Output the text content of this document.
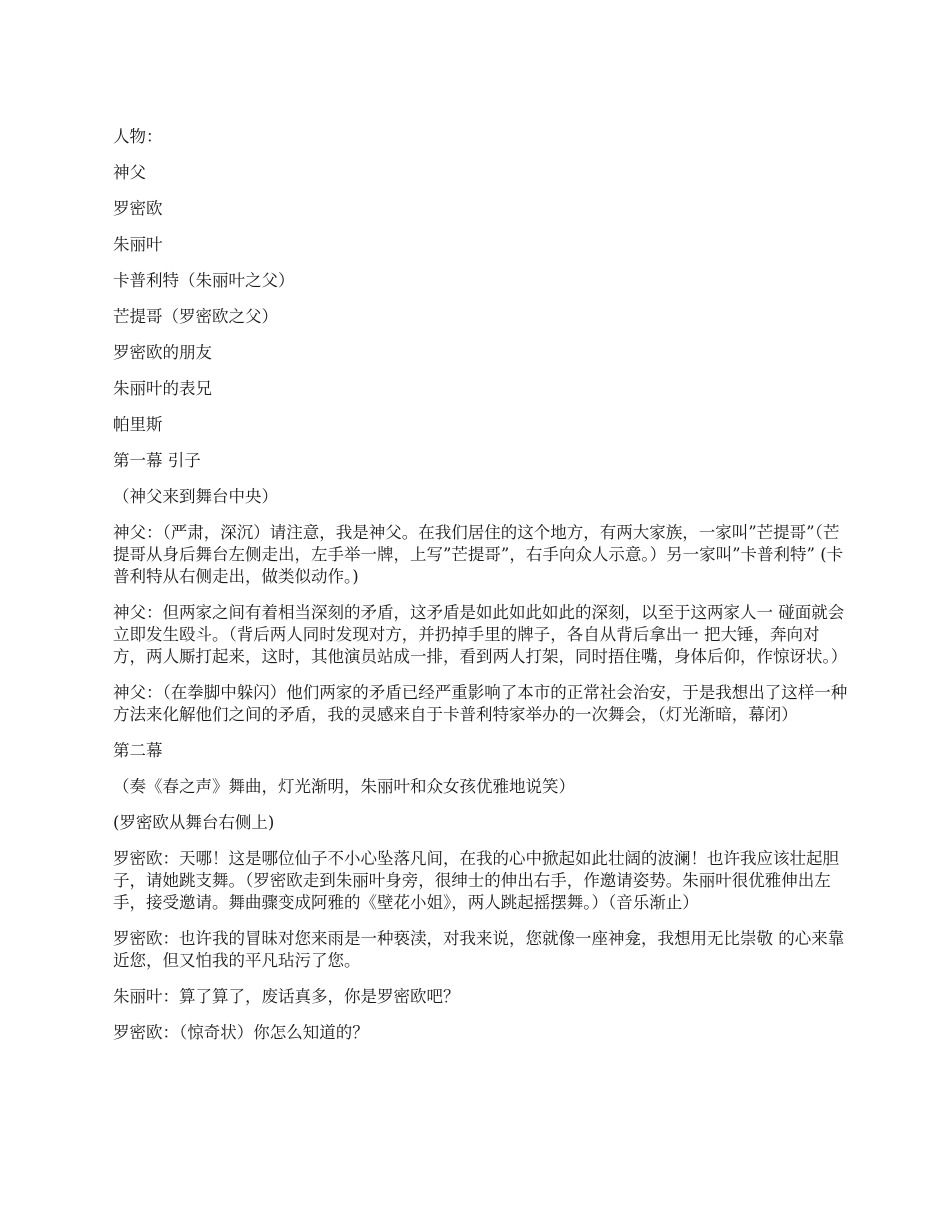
人物：

神父

罗密欧

朱丽叶

卡普利特（朱丽叶之父）

芒提哥（罗密欧之父）

罗密欧的朋友

朱丽叶的表兄

帕里斯

第一幕 引子

（神父来到舞台中央）

神父：（严肃，深沉）请注意，我是神父。在我们居住的这个地方，有两大家族，一家叫”芒提哥”（芒提哥从身后舞台左侧走出，左手举一牌，上写”芒提哥”，右手向众人示意。）另一家叫”卡普利特” (卡普利特从右侧走出，做类似动作。)

神父：但两家之间有着相当深刻的矛盾，这矛盾是如此如此如此的深刻，以至于这两家人一 碰面就会立即发生殴斗。（背后两人同时发现对方，并扔掉手里的牌子，各自从背后拿出一 把大锤，奔向对方，两人厮打起来，这时，其他演员站成一排，看到两人打架，同时捂住嘴，身体后仰，作惊讶状。）

神父：（在拳脚中躲闪）他们两家的矛盾已经严重影响了本市的正常社会治安，于是我想出了这样一种方法来化解他们之间的矛盾，我的灵感来自于卡普利特家举办的一次舞会，（灯光渐暗，幕闭）

第二幕

（奏《春之声》舞曲，灯光渐明，朱丽叶和众女孩优雅地说笑）

(罗密欧从舞台右侧上)

罗密欧：天哪！这是哪位仙子不小心坠落凡间，在我的心中掀起如此壮阔的波澜！也许我应该壮起胆子，请她跳支舞。（罗密欧走到朱丽叶身旁，很绅士的伸出右手，作邀请姿势。朱丽叶很优雅伸出左手，接受邀请。舞曲骤变成阿雅的《壁花小姐》，两人跳起摇摆舞。）（音乐渐止）

罗密欧：也许我的冒昧对您来雨是一种亵渎，对我来说，您就像一座神龛，我想用无比崇敬 的心来靠近您，但又怕我的平凡玷污了您。

朱丽叶：算了算了，废话真多，你是罗密欧吧？

罗密欧：（惊奇状）你怎么知道的？
